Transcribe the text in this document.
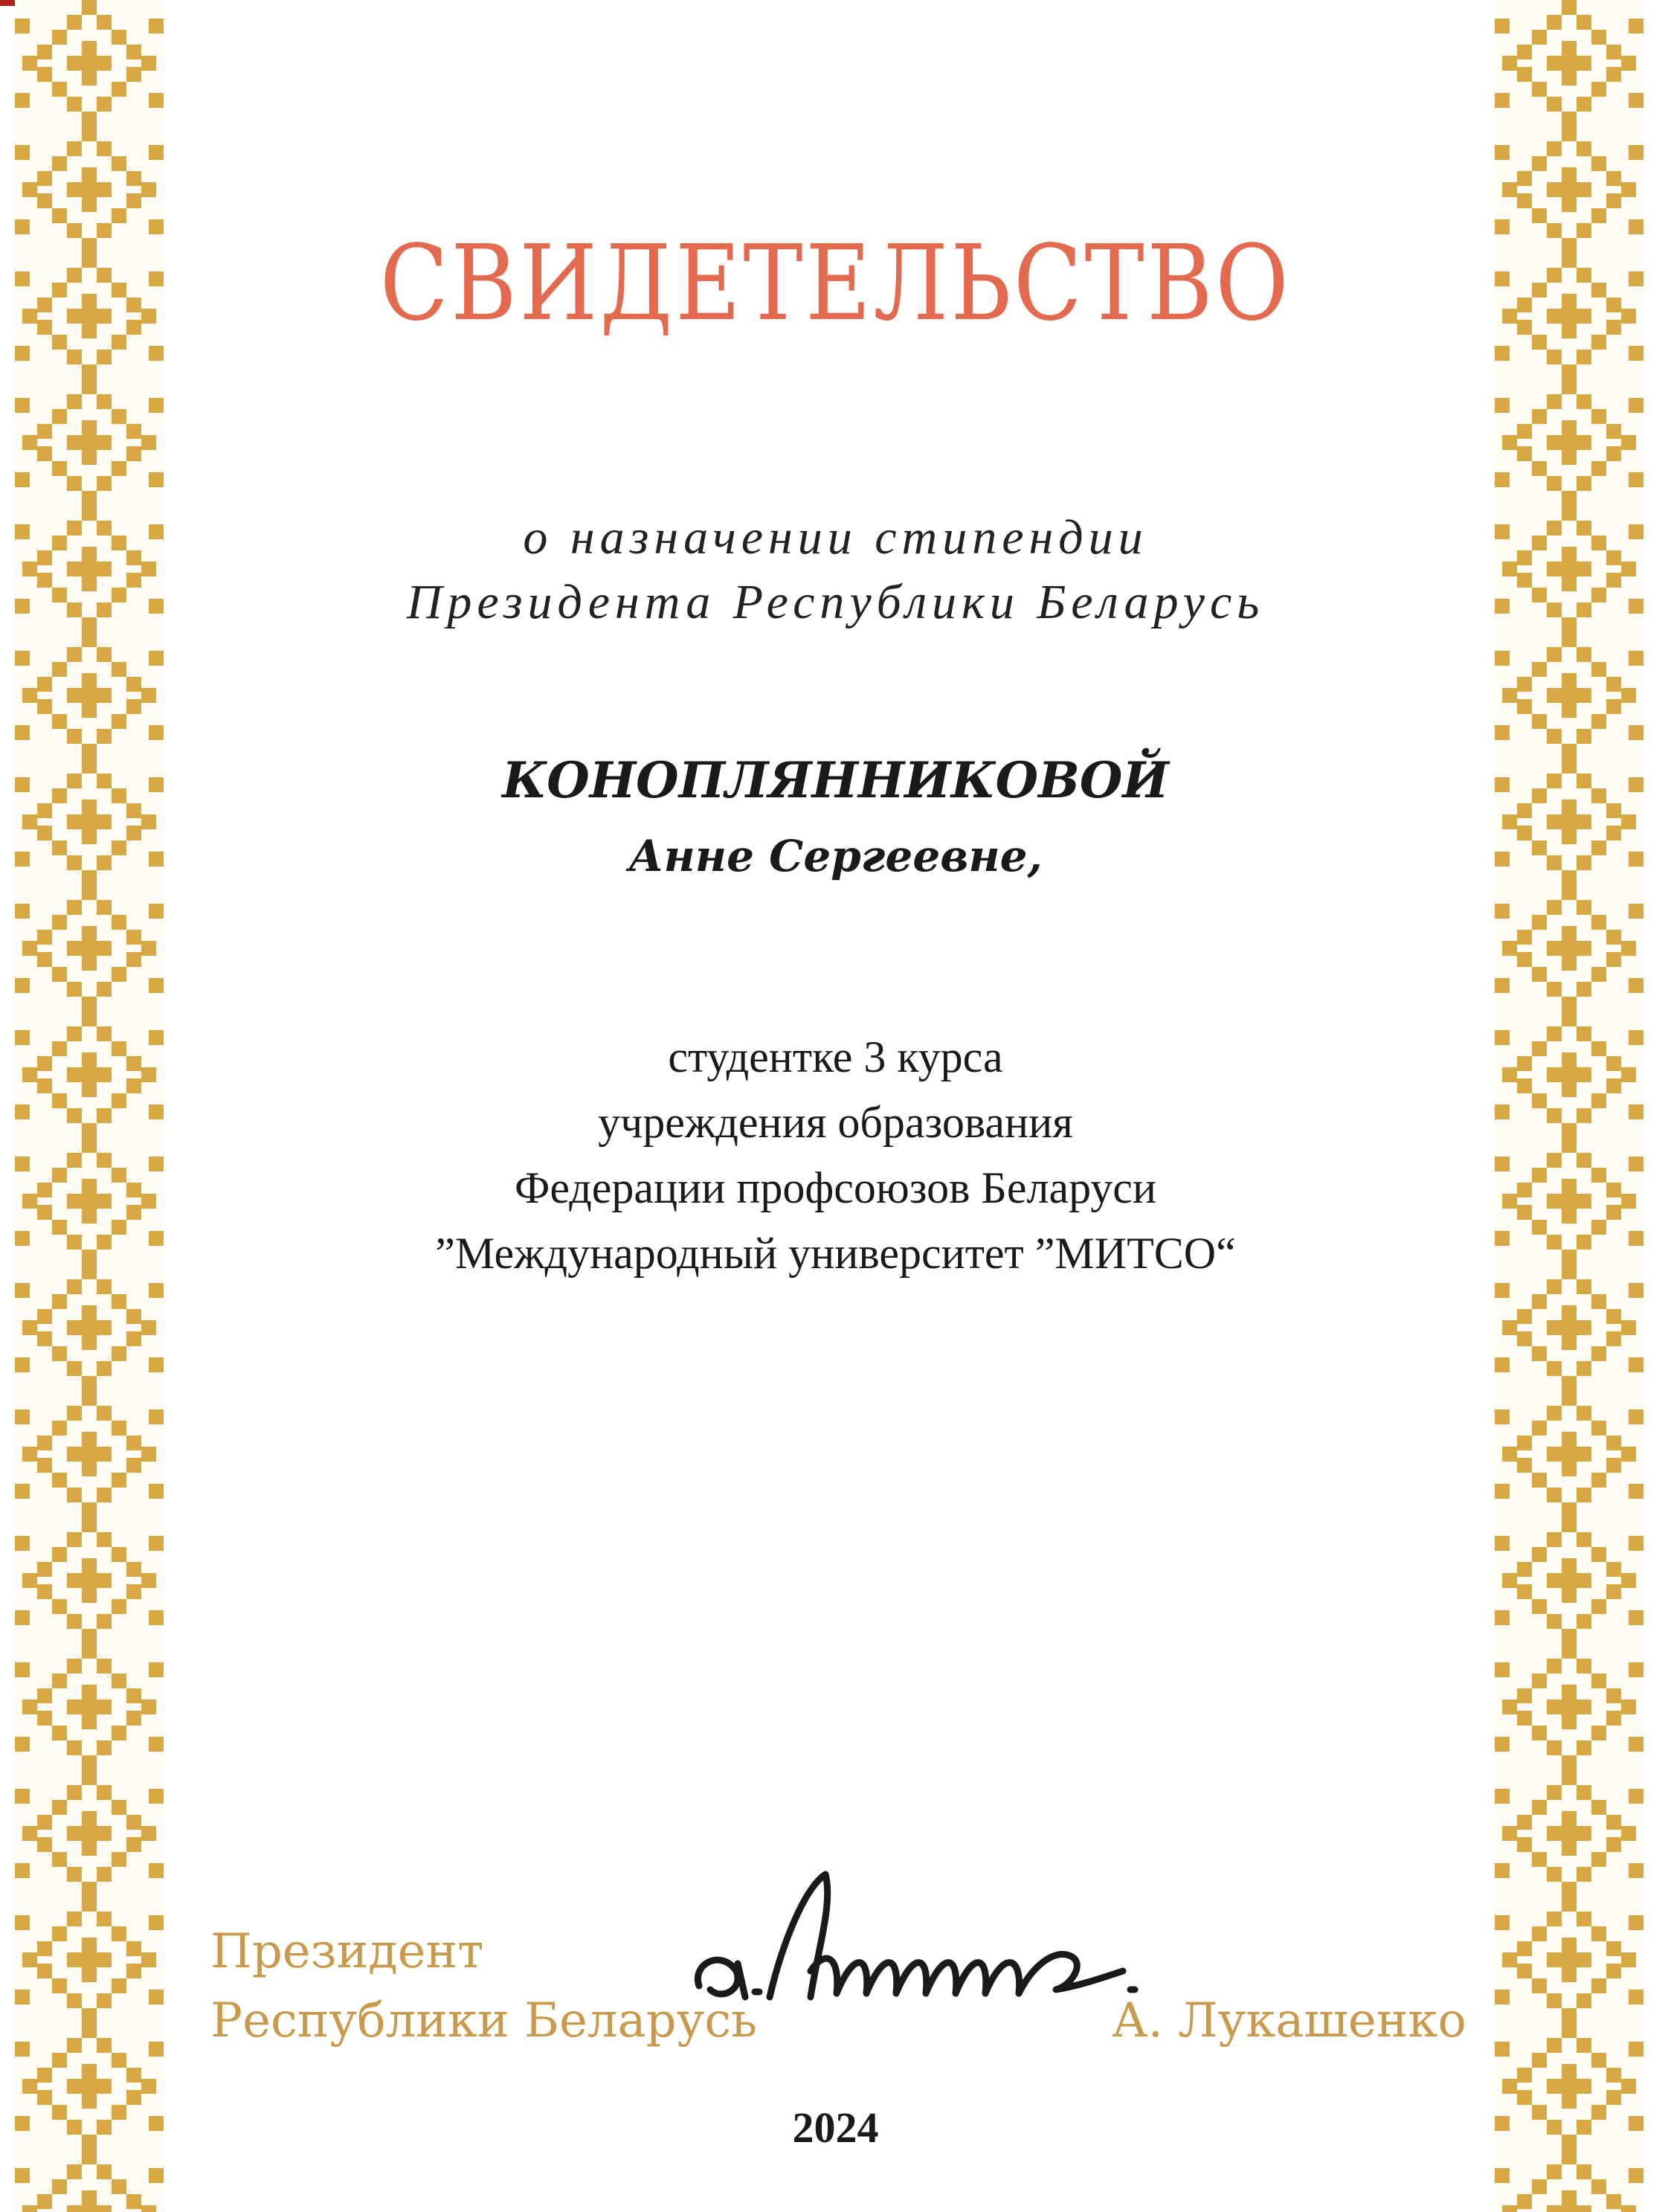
СВИДЕТЕЛЬСТВО
о назначении стипендии
Президента Республики Беларусь
КОНОПЛЯННИКОВОЙ
Анне Сергеевне,
студентке 3 курса
учреждения образования
Федерации профсоюзов Беларуси
”Международный университет ”МИТСО“
Президент
Республики Беларусь	А. Лукашенко
2024
